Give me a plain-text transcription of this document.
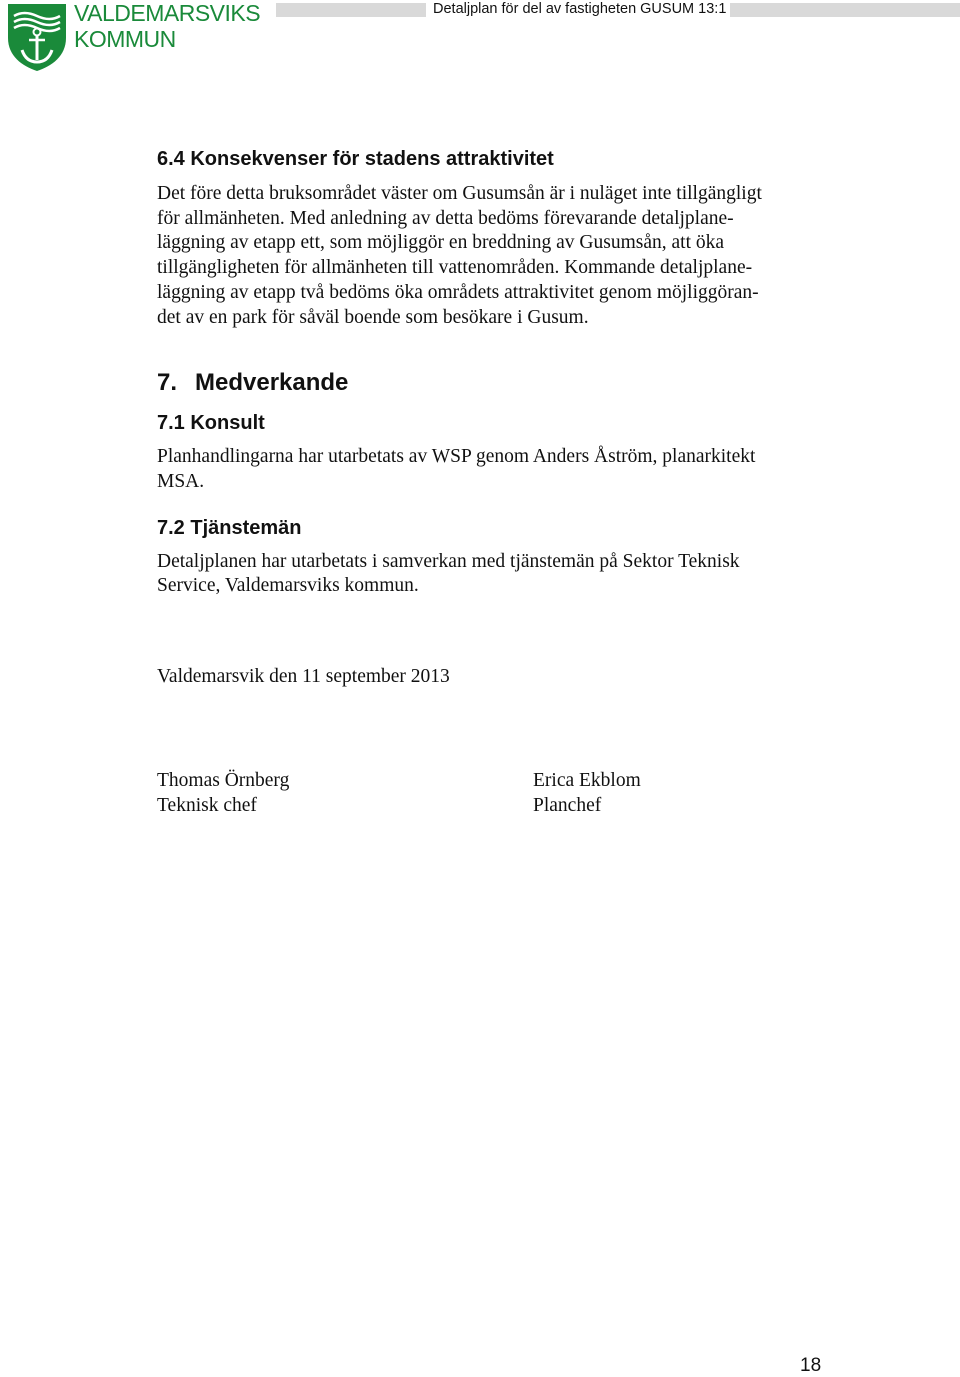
VALDEMARSVIKS
KOMMUN
Detaljplan för del av fastigheten GUSUM 13:1
6.4 Konsekvenser för stadens attraktivitet

Det före detta bruksområdet väster om Gusumsån är i nuläget inte tillgängligt
för allmänheten. Med anledning av detta bedöms förevarande detaljplane-
läggning av etapp ett, som möjliggör en breddning av Gusumsån, att öka
tillgängligheten för allmänheten till vattenområden. Kommande detaljplane-
läggning av etapp två bedöms öka områdets attraktivitet genom möjliggöran-
det av en park för såväl boende som besökare i Gusum.

7. Medverkande
7.1 Konsult

Planhandlingarna har utarbetats av WSP genom Anders Åström, planarkitekt
MSA.

7.2 Tjänstemän

Detaljplanen har utarbetats i samverkan med tjänstemän på Sektor Teknisk
Service, Valdemarsviks kommun.

Valdemarsvik den 11 september 2013

Thomas Örnberg
Teknisk chef
Erica Ekblom
Planchef
18
